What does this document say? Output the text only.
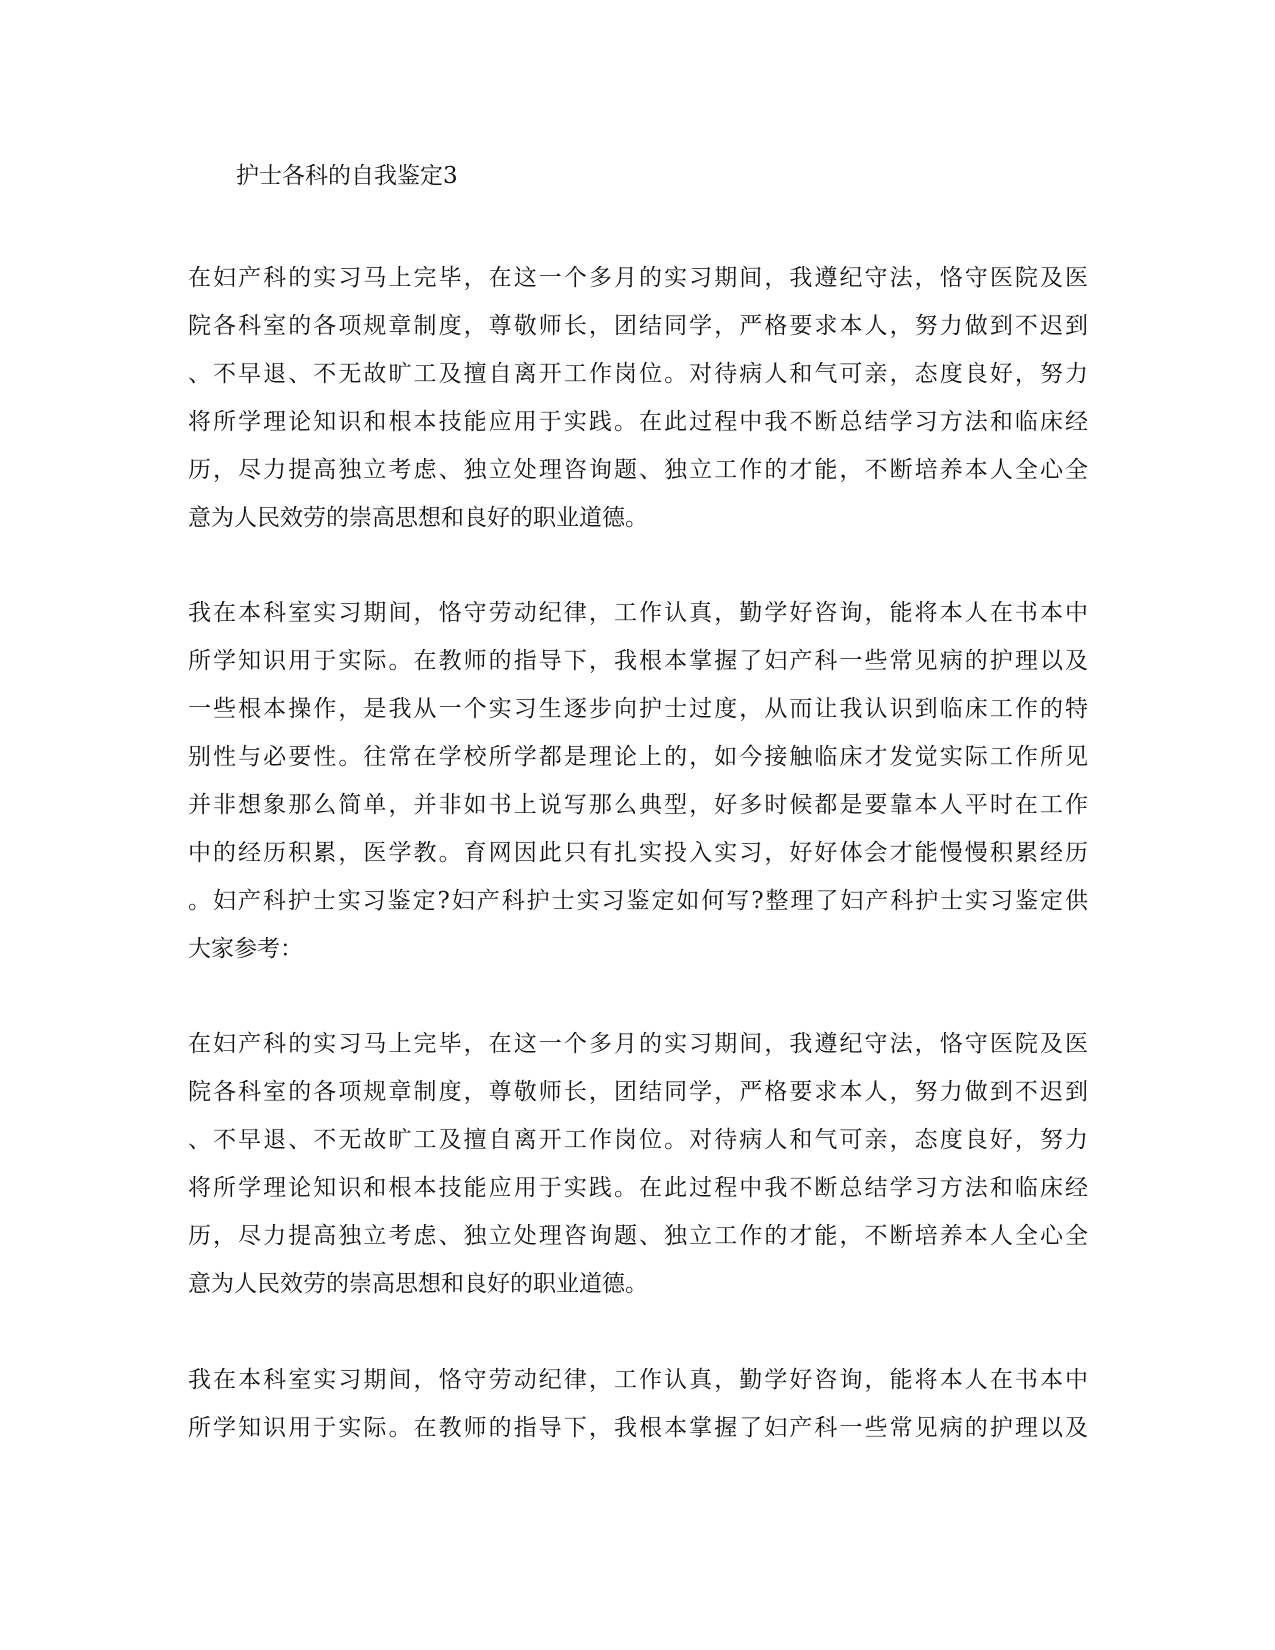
护士各科的自我鉴定3
在妇产科的实习马上完毕，在这一个多月的实习期间，我遵纪守法，恪守医院及医
院各科室的各项规章制度，尊敬师长，团结同学，严格要求本人，努力做到不迟到
、不早退、不无故旷工及擅自离开工作岗位。对待病人和气可亲，态度良好，努力
将所学理论知识和根本技能应用于实践。在此过程中我不断总结学习方法和临床经
历，尽力提高独立考虑、独立处理咨询题、独立工作的才能，不断培养本人全心全
意为人民效劳的崇高思想和良好的职业道德。
我在本科室实习期间，恪守劳动纪律，工作认真，勤学好咨询，能将本人在书本中
所学知识用于实际。在教师的指导下，我根本掌握了妇产科一些常见病的护理以及
一些根本操作，是我从一个实习生逐步向护士过度，从而让我认识到临床工作的特
别性与必要性。往常在学校所学都是理论上的，如今接触临床才发觉实际工作所见
并非想象那么简单，并非如书上说写那么典型，好多时候都是要靠本人平时在工作
中的经历积累，医学教。育网因此只有扎实投入实习，好好体会才能慢慢积累经历
。妇产科护士实习鉴定?妇产科护士实习鉴定如何写?整理了妇产科护士实习鉴定供
大家参考：
在妇产科的实习马上完毕，在这一个多月的实习期间，我遵纪守法，恪守医院及医
院各科室的各项规章制度，尊敬师长，团结同学，严格要求本人，努力做到不迟到
、不早退、不无故旷工及擅自离开工作岗位。对待病人和气可亲，态度良好，努力
将所学理论知识和根本技能应用于实践。在此过程中我不断总结学习方法和临床经
历，尽力提高独立考虑、独立处理咨询题、独立工作的才能，不断培养本人全心全
意为人民效劳的崇高思想和良好的职业道德。
我在本科室实习期间，恪守劳动纪律，工作认真，勤学好咨询，能将本人在书本中
所学知识用于实际。在教师的指导下，我根本掌握了妇产科一些常见病的护理以及
